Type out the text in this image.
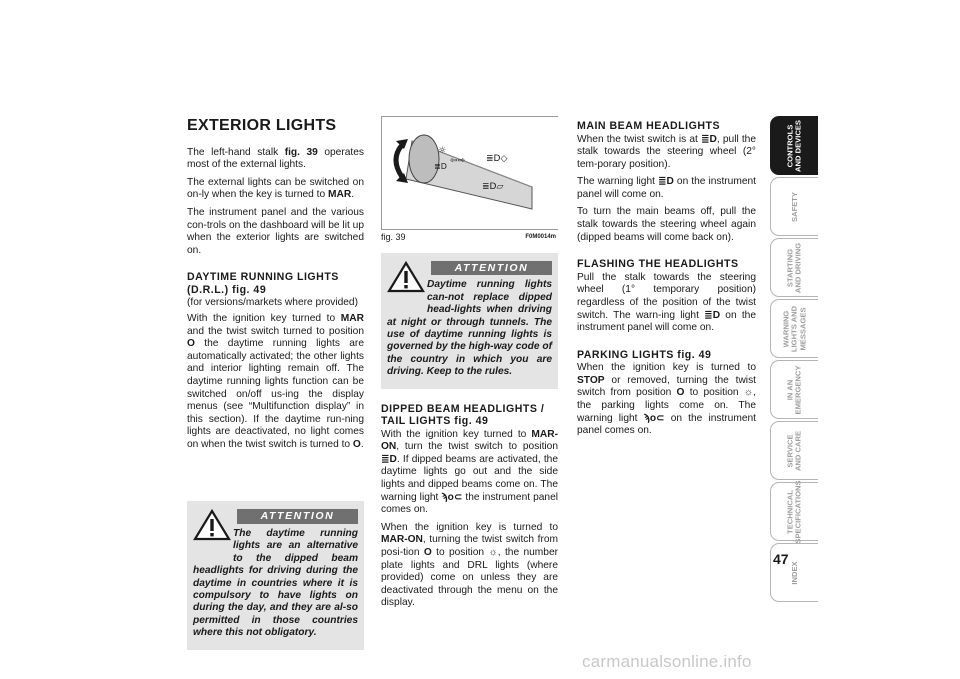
EXTERIOR LIGHTS

The left-hand stalk fig. 39 operates most of the external lights.

The external lights can be switched on on-ly when the key is turned to MAR.

The instrument panel and the various con-trols on the dashboard will be lit up when the exterior lights are switched on.

DAYTIME RUNNING LIGHTS (D.R.L.) fig. 49

(for versions/markets where provided)

With the ignition key turned to MAR and the twist switch turned to position O the daytime running lights are automatically activated; the other lights and interior lighting remain off. The daytime running lights function can be switched on/off us-ing the display menus (see “Multifunction display” in this section). If the daytime run-ning lights are deactivated, no light comes on when the twist switch is turned to O.

ATTENTION
The daytime running lights are an alternative to the dipped beam headlights for driving during the daytime in countries where it is compulsory to have lights on during the day, and they are al-so permitted in those countries where this not obligatory.
☼
≣D
⇦⇨ ≣D◇
≣D▱
fig. 39	F0M0014m
ATTENTION
Daytime running lights can-not replace dipped head-lights when driving at night or through tunnels. The use of daytime running lights is governed by the high-way code of the country in which you are driving. Keep to the rules.
DIPPED BEAM HEADLIGHTS / TAIL LIGHTS fig. 49

With the ignition key turned to MAR-ON, turn the twist switch to position ≣D. If dipped beams are activated, the daytime lights go out and the side lights and dipped beams come on. The warning light ϡo⊂ the instrument panel comes on.

When the ignition key is turned to MAR-ON, turning the twist switch from posi-tion O to position ☼, the number plate lights and DRL lights (where provided) come on unless they are deactivated through the menu on the display.

MAIN BEAM HEADLIGHTS

When the twist switch is at ≣D, pull the stalk towards the steering wheel (2° tem-porary position).

The warning light ≣D on the instrument panel will come on.

To turn the main beams off, pull the stalk towards the steering wheel again (dipped beams will come back on).

FLASHING THE HEADLIGHTS

Pull the stalk towards the steering wheel (1° temporary position) regardless of the position of the twist switch. The warn-ing light ≣D on the instrument panel will come on.

PARKING LIGHTS fig. 49

When the ignition key is turned to STOP or removed, turning the twist switch from position O to position ☼, the parking lights come on. The warning light ϡo⊂ on the instrument panel comes on.

CONTROLS
AND DEVICES
SAFETY
STARTING
AND DRIVING
WARNING
LIGHTS AND
MESSAGES
IN AN
EMERGENCY
SERVICE
AND CARE
TECHNICAL
SPECIFICATIONS
INDEX
47
carmanualsonline.info
